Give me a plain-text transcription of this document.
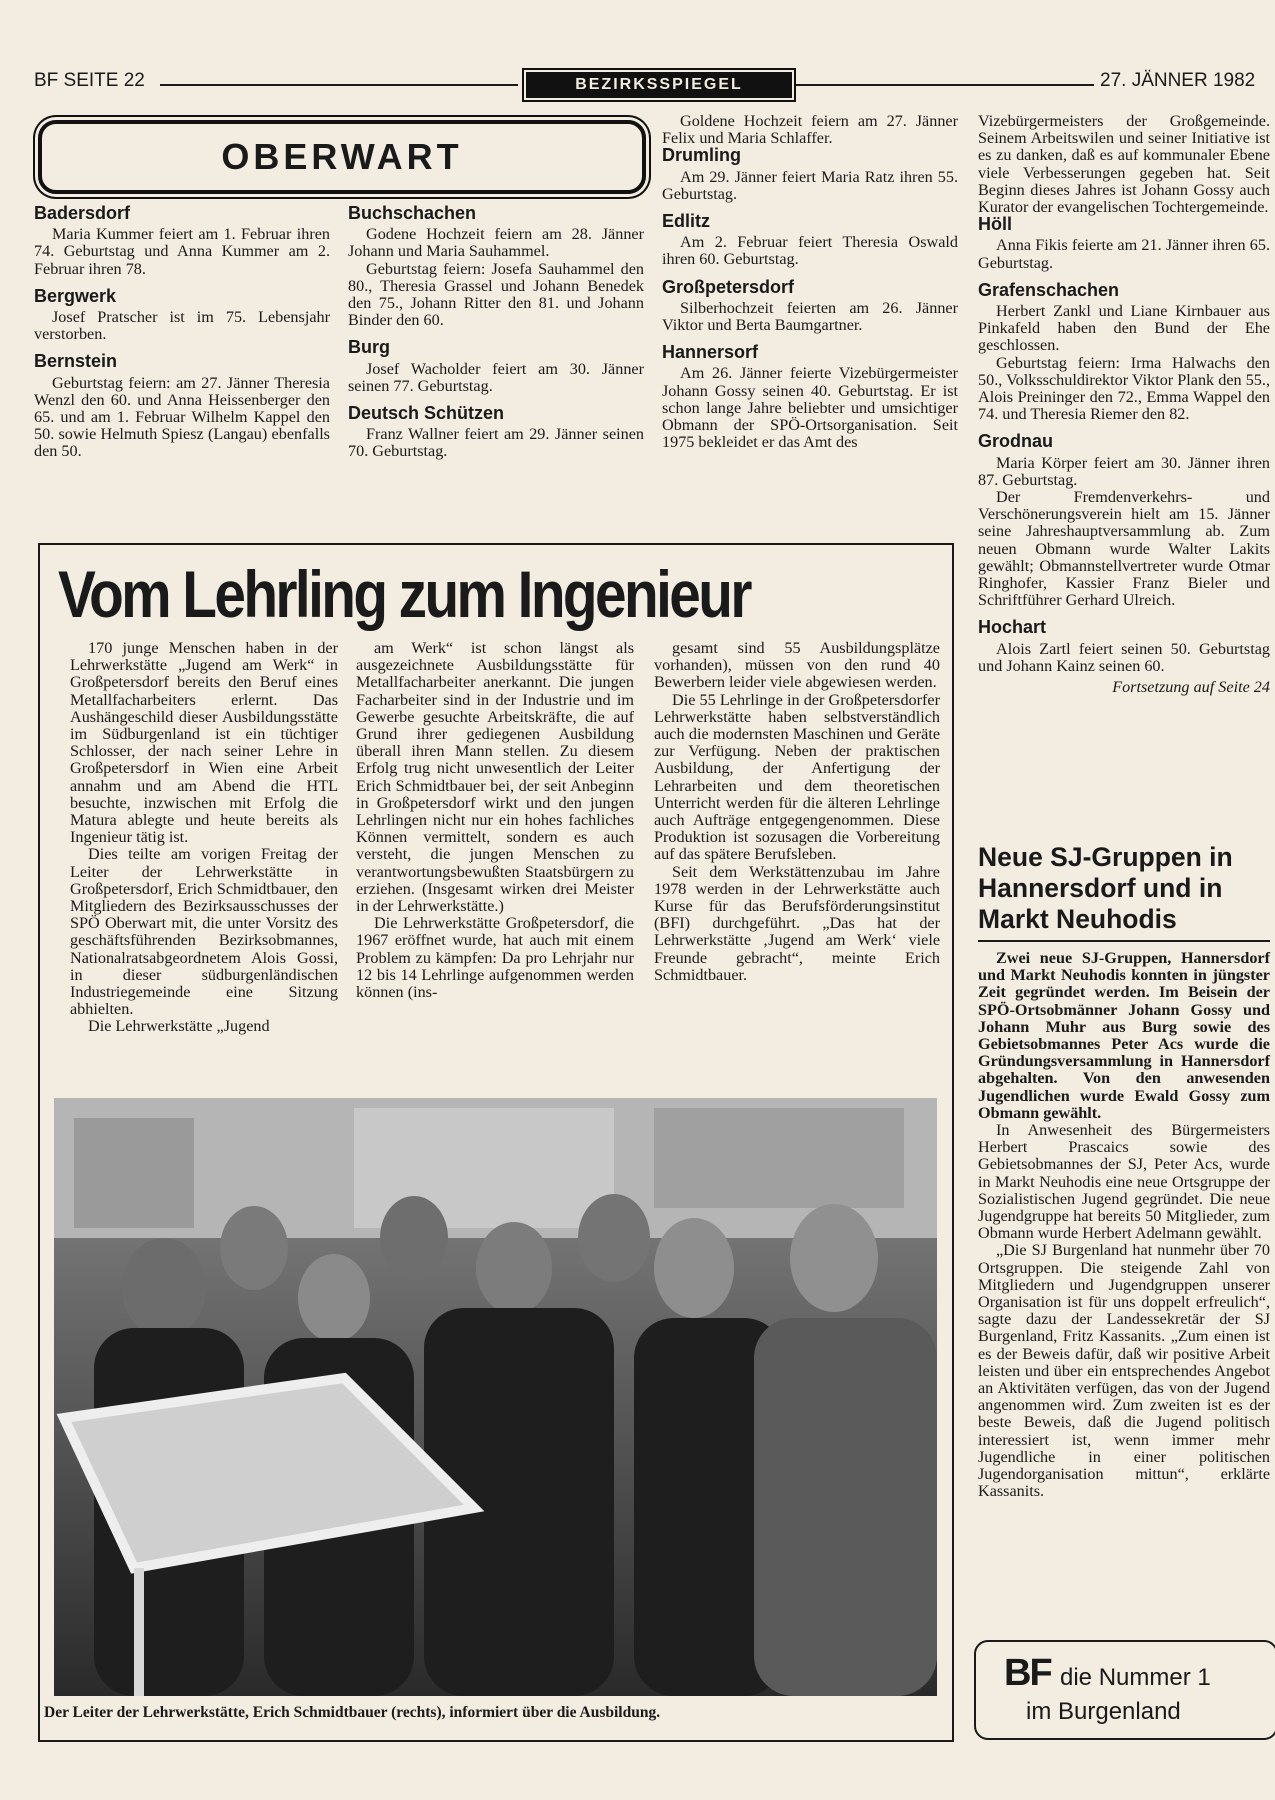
BF SEITE 22	BEZIRKSSPIEGEL	27. JÄNNER 1982
OBERWART
Badersdorf

Maria Kummer feiert am 1. Februar ihren 74. Geburtstag und Anna Kummer am 2. Februar ihren 78.

Bergwerk

Josef Pratscher ist im 75. Lebensjahr verstorben.

Bernstein

Geburtstag feiern: am 27. Jänner Theresia Wenzl den 60. und Anna Heissenberger den 65. und am 1. Februar Wilhelm Kappel den 50. sowie Helmuth Spiesz (Langau) ebenfalls den 50.

Buchschachen

Godene Hochzeit feiern am 28. Jänner Johann und Maria Sauhammel.

Geburtstag feiern: Josefa Sauhammel den 80., Theresia Grassel und Johann Benedek den 75., Johann Ritter den 81. und Johann Binder den 60.

Burg

Josef Wacholder feiert am 30. Jänner seinen 77. Geburtstag.

Deutsch Schützen

Franz Wallner feiert am 29. Jänner seinen 70. Geburtstag.

Goldene Hochzeit feiern am 27. Jänner Felix und Maria Schlaffer.

Drumling

Am 29. Jänner feiert Maria Ratz ihren 55. Geburtstag.

Edlitz

Am 2. Februar feiert Theresia Oswald ihren 60. Geburtstag.

Großpetersdorf

Silberhochzeit feierten am 26. Jänner Viktor und Berta Baumgartner.

Hannersorf

Am 26. Jänner feierte Vizebürgermeister Johann Gossy seinen 40. Geburtstag. Er ist schon lange Jahre beliebter und umsichtiger Obmann der SPÖ-Ortsorganisation. Seit 1975 bekleidet er das Amt des

Vizebürgermeisters der Großgemeinde. Seinem Arbeitswilen und seiner Initiative ist es zu danken, daß es auf kommunaler Ebene viele Verbesserungen gegeben hat. Seit Beginn dieses Jahres ist Johann Gossy auch Kurator der evangelischen Tochtergemeinde.

Höll

Anna Fikis feierte am 21. Jänner ihren 65. Geburtstag.

Grafenschachen

Herbert Zankl und Liane Kirnbauer aus Pinkafeld haben den Bund der Ehe geschlossen.

Geburtstag feiern: Irma Halwachs den 50., Volksschuldirektor Viktor Plank den 55., Alois Preininger den 72., Emma Wappel den 74. und Theresia Riemer den 82.

Grodnau

Maria Körper feiert am 30. Jänner ihren 87. Geburtstag.

Der Fremdenverkehrs- und Verschönerungsverein hielt am 15. Jänner seine Jahreshauptversammlung ab. Zum neuen Obmann wurde Walter Lakits gewählt; Obmannstellvertreter wurde Otmar Ringhofer, Kassier Franz Bieler und Schriftführer Gerhard Ulreich.

Hochart

Alois Zartl feiert seinen 50. Geburtstag und Johann Kainz seinen 60.

Fortsetzung auf Seite 24
Vom Lehrling zum Ingenieur

170 junge Menschen haben in der Lehrwerkstätte „Jugend am Werk“ in Großpetersdorf bereits den Beruf eines Metallfacharbeiters erlernt. Das Aushängeschild dieser Ausbildungsstätte im Südburgenland ist ein tüchtiger Schlosser, der nach seiner Lehre in Großpetersdorf in Wien eine Arbeit annahm und am Abend die HTL besuchte, inzwischen mit Erfolg die Matura ablegte und heute bereits als Ingenieur tätig ist.

Dies teilte am vorigen Freitag der Leiter der Lehrwerkstätte in Großpetersdorf, Erich Schmidtbauer, den Mitgliedern des Bezirksausschusses der SPÖ Oberwart mit, die unter Vorsitz des geschäftsführenden Bezirksobmannes, Nationalratsabgeordnetem Alois Gossi, in dieser südburgenländischen Industriegemeinde eine Sitzung abhielten.

Die Lehrwerkstätte „Jugend

am Werk“ ist schon längst als ausgezeichnete Ausbildungsstätte für Metallfacharbeiter anerkannt. Die jungen Facharbeiter sind in der Industrie und im Gewerbe gesuchte Arbeitskräfte, die auf Grund ihrer gediegenen Ausbildung überall ihren Mann stellen. Zu diesem Erfolg trug nicht unwesentlich der Leiter Erich Schmidtbauer bei, der seit Anbeginn in Großpetersdorf wirkt und den jungen Lehrlingen nicht nur ein hohes fachliches Können vermittelt, sondern es auch versteht, die jungen Menschen zu verantwortungsbewußten Staatsbürgern zu erziehen. (Insgesamt wirken drei Meister in der Lehrwerkstätte.)

Die Lehrwerkstätte Großpetersdorf, die 1967 eröffnet wurde, hat auch mit einem Problem zu kämpfen: Da pro Lehrjahr nur 12 bis 14 Lehrlinge aufgenommen werden können (ins-

gesamt sind 55 Ausbildungsplätze vorhanden), müssen von den rund 40 Bewerbern leider viele abgewiesen werden.

Die 55 Lehrlinge in der Großpetersdorfer Lehrwerkstätte haben selbstverständlich auch die modernsten Maschinen und Geräte zur Verfügung. Neben der praktischen Ausbildung, der Anfertigung der Lehrarbeiten und dem theoretischen Unterricht werden für die älteren Lehrlinge auch Aufträge entgegengenommen. Diese Produktion ist sozusagen die Vorbereitung auf das spätere Berufsleben.

Seit dem Werkstättenzubau im Jahre 1978 werden in der Lehrwerkstätte auch Kurse für das Berufsförderungsinstitut (BFI) durchgeführt. „Das hat der Lehrwerkstätte ‚Jugend am Werk‘ viele Freunde gebracht“, meinte Erich Schmidtbauer.

Der Leiter der Lehrwerkstätte, Erich Schmidtbauer (rechts), informiert über die Ausbildung.
Neue SJ-Gruppen in Hannersdorf und in Markt Neuhodis

Zwei neue SJ-Gruppen, Hannersdorf und Markt Neuhodis konnten in jüngster Zeit gegründet werden. Im Beisein der SPÖ-Ortsobmänner Johann Gossy und Johann Muhr aus Burg sowie des Gebietsobmannes Peter Acs wurde die Gründungsversammlung in Hannersdorf abgehalten. Von den anwesenden Jugendlichen wurde Ewald Gossy zum Obmann gewählt.

In Anwesenheit des Bürgermeisters Herbert Prascaics sowie des Gebietsobmannes der SJ, Peter Acs, wurde in Markt Neuhodis eine neue Ortsgruppe der Sozialistischen Jugend gegründet. Die neue Jugendgruppe hat bereits 50 Mitglieder, zum Obmann wurde Herbert Adelmann gewählt.

„Die SJ Burgenland hat nunmehr über 70 Ortsgruppen. Die steigende Zahl von Mitgliedern und Jugendgruppen unserer Organisation ist für uns doppelt erfreulich“, sagte dazu der Landessekretär der SJ Burgenland, Fritz Kassanits. „Zum einen ist es der Beweis dafür, daß wir positive Arbeit leisten und über ein entsprechendes Angebot an Aktivitäten verfügen, das von der Jugend angenommen wird. Zum zweiten ist es der beste Beweis, daß die Jugend politisch interessiert ist, wenn immer mehr Jugendliche in einer politischen Jugendorganisation mittun“, erklärte Kassanits.

BF die Nummer 1
im Burgenland
